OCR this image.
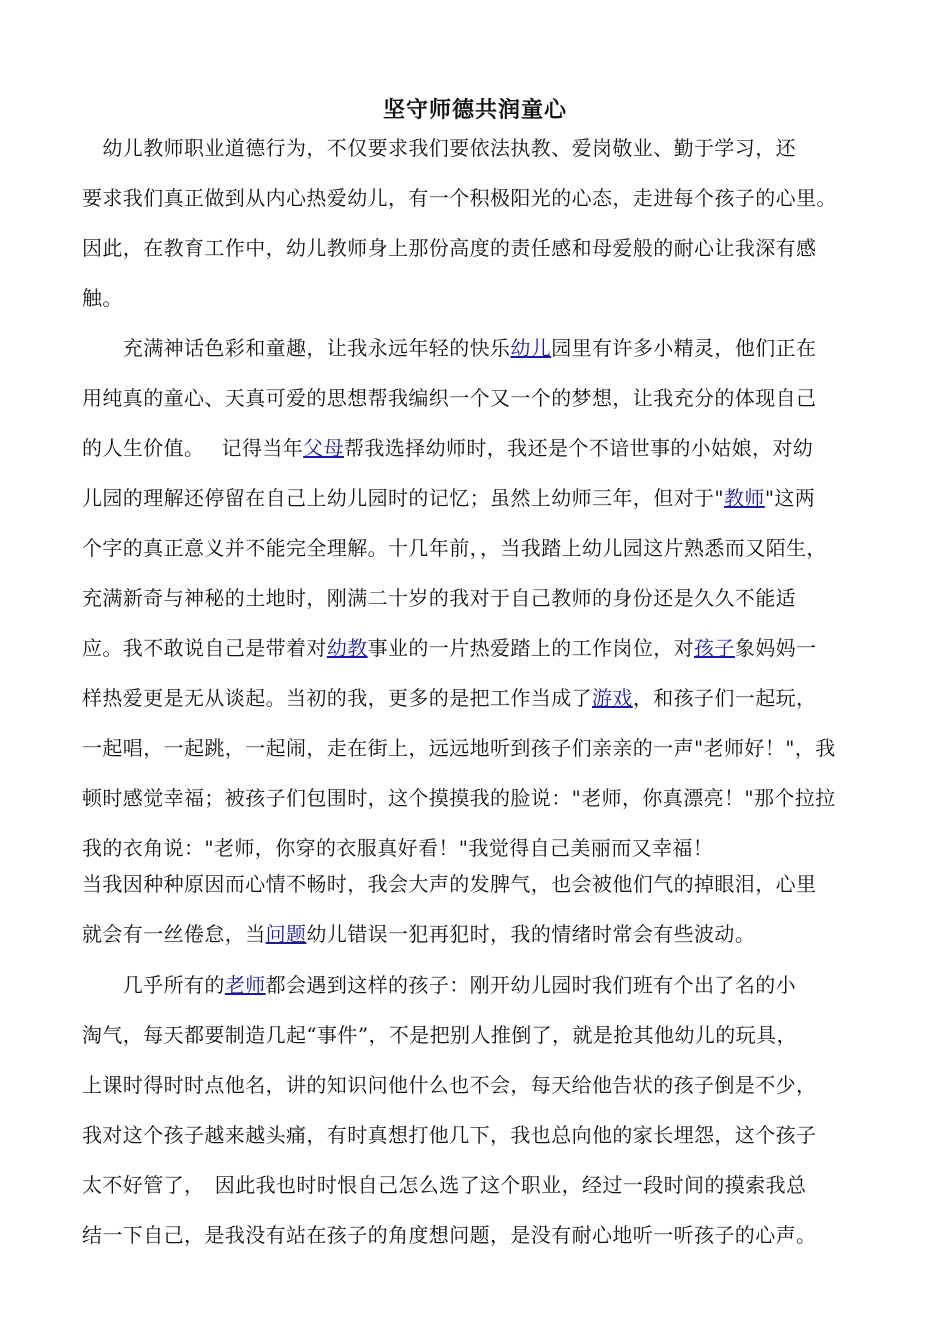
坚守师德共润童心
　幼儿教师职业道德行为，不仅要求我们要依法执教、爱岗敬业、勤于学习，还
要求我们真正做到从内心热爱幼儿，有一个积极阳光的心态，走进每个孩子的心里。
因此，在教育工作中，幼儿教师身上那份高度的责任感和母爱般的耐心让我深有感
触。
　　充满神话色彩和童趣，让我永远年轻的快乐幼儿园里有许多小精灵，他们正在
用纯真的童心、天真可爱的思想帮我编织一个又一个的梦想，让我充分的体现自己
的人生价值。　 记得当年父母帮我选择幼师时，我还是个不谙世事的小姑娘，对幼
儿园的理解还停留在自己上幼儿园时的记忆；虽然上幼师三年，但对于"教师"这两
个字的真正意义并不能完全理解。十几年前，，当我踏上幼儿园这片熟悉而又陌生，
充满新奇与神秘的土地时，刚满二十岁的我对于自己教师的身份还是久久不能适
应。我不敢说自己是带着对幼教事业的一片热爱踏上的工作岗位，对孩子象妈妈一
样热爱更是无从谈起。当初的我，更多的是把工作当成了游戏，和孩子们一起玩，
一起唱，一起跳，一起闹，走在街上，远远地听到孩子们亲亲的一声"老师好！"，我
顿时感觉幸福；被孩子们包围时，这个摸摸我的脸说："老师，你真漂亮！"那个拉拉
我的衣角说："老师，你穿的衣服真好看！"我觉得自己美丽而又幸福！
当我因种种原因而心情不畅时，我会大声的发脾气，也会被他们气的掉眼泪，心里
就会有一丝倦怠，当问题幼儿错误一犯再犯时，我的情绪时常会有些波动。
　　几乎所有的老师都会遇到这样的孩子：刚开幼儿园时我们班有个出了名的小
淘气，每天都要制造几起“事件”，不是把别人推倒了，就是抢其他幼儿的玩具，
上课时得时时点他名，讲的知识问他什么也不会，每天给他告状的孩子倒是不少，
我对这个孩子越来越头痛，有时真想打他几下，我也总向他的家长埋怨，这个孩子
太不好管了，　因此我也时时恨自己怎么选了这个职业，经过一段时间的摸索我总
结一下自己，是我没有站在孩子的角度想问题，是没有耐心地听一听孩子的心声。
